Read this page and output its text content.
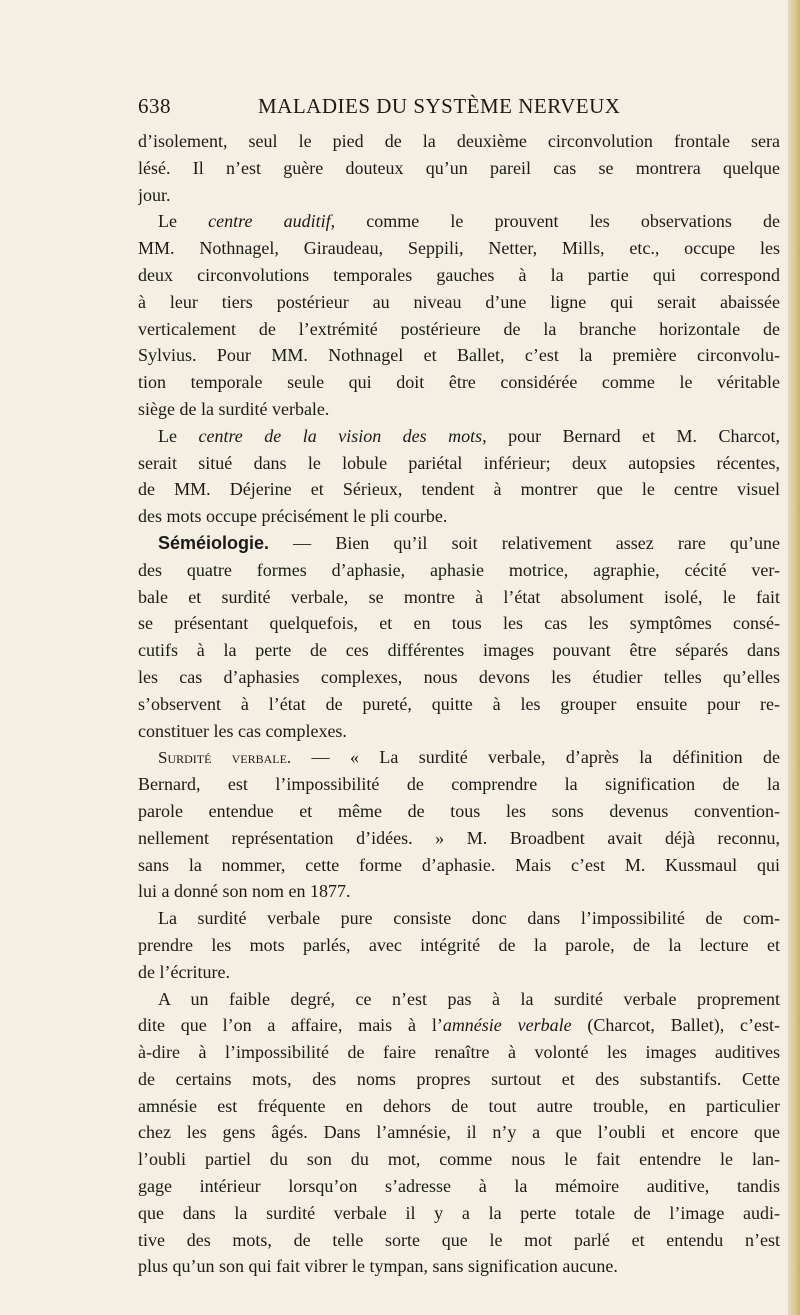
638	MALADIES DU SYSTÈME NERVEUX
d’isolement, seul le pied de la deuxième circonvolution frontale sera
lésé. Il n’est guère douteux qu’un pareil cas se montrera quelque
jour.
Le centre auditif, comme le prouvent les observations de
MM. Nothnagel, Giraudeau, Seppili, Netter, Mills, etc., occupe les
deux circonvolutions temporales gauches à la partie qui correspond
à leur tiers postérieur au niveau d’une ligne qui serait abaissée
verticalement de l’extrémité postérieure de la branche horizontale de
Sylvius. Pour MM. Nothnagel et Ballet, c’est la première circonvolu-
tion temporale seule qui doit être considérée comme le véritable
siège de la surdité verbale.
Le centre de la vision des mots, pour Bernard et M. Charcot,
serait situé dans le lobule pariétal inférieur; deux autopsies récentes,
de MM. Déjerine et Sérieux, tendent à montrer que le centre visuel
des mots occupe précisément le pli courbe.
Séméiologie. — Bien qu’il soit relativement assez rare qu’une
des quatre formes d’aphasie, aphasie motrice, agraphie, cécité ver-
bale et surdité verbale, se montre à l’état absolument isolé, le fait
se présentant quelquefois, et en tous les cas les symptômes consé-
cutifs à la perte de ces différentes images pouvant être séparés dans
les cas d’aphasies complexes, nous devons les étudier telles qu’elles
s’observent à l’état de pureté, quitte à les grouper ensuite pour re-
constituer les cas complexes.
Surdité verbale. — « La surdité verbale, d’après la définition de
Bernard, est l’impossibilité de comprendre la signification de la
parole entendue et même de tous les sons devenus convention-
nellement représentation d’idées. » M. Broadbent avait déjà reconnu,
sans la nommer, cette forme d’aphasie. Mais c’est M. Kussmaul qui
lui a donné son nom en 1877.
La surdité verbale pure consiste donc dans l’impossibilité de com-
prendre les mots parlés, avec intégrité de la parole, de la lecture et
de l’écriture.
A un faible degré, ce n’est pas à la surdité verbale proprement
dite que l’on a affaire, mais à l’amnésie verbale (Charcot, Ballet), c’est-
à-dire à l’impossibilité de faire renaître à volonté les images auditives
de certains mots, des noms propres surtout et des substantifs. Cette
amnésie est fréquente en dehors de tout autre trouble, en particulier
chez les gens âgés. Dans l’amnésie, il n’y a que l’oubli et encore que
l’oubli partiel du son du mot, comme nous le fait entendre le lan-
gage intérieur lorsqu’on s’adresse à la mémoire auditive, tandis
que dans la surdité verbale il y a la perte totale de l’image audi-
tive des mots, de telle sorte que le mot parlé et entendu n’est
plus qu’un son qui fait vibrer le tympan, sans signification aucune.
